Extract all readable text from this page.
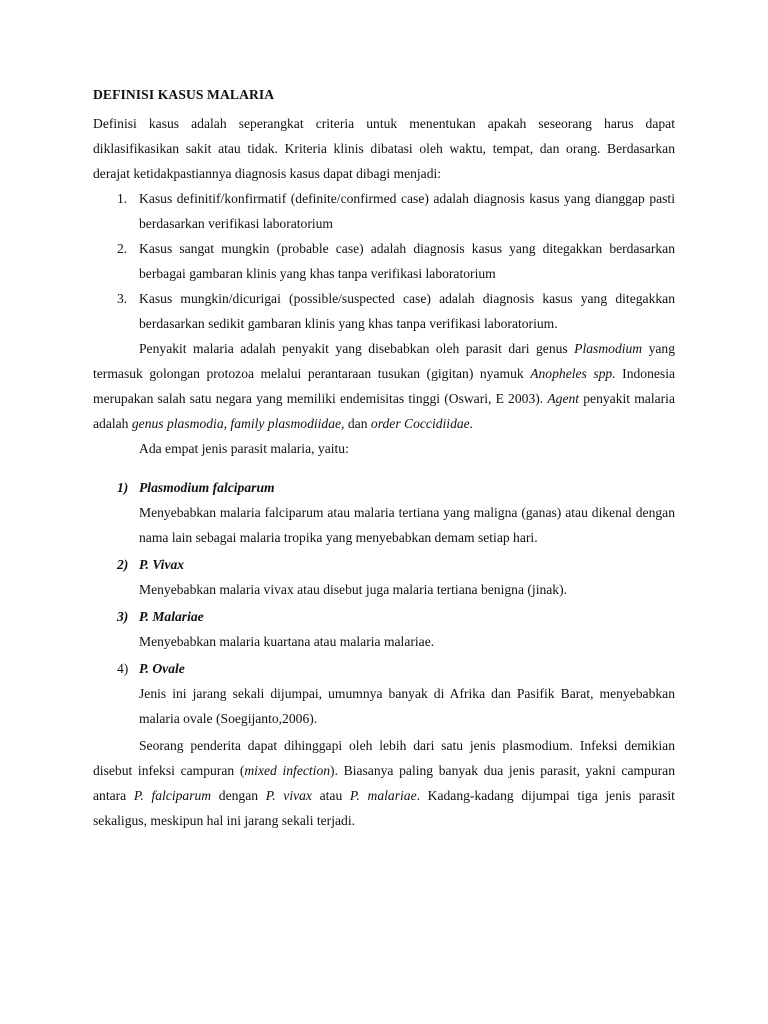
DEFINISI KASUS MALARIA

Definisi kasus adalah seperangkat criteria untuk menentukan apakah seseorang harus dapat diklasifikasikan sakit atau tidak. Kriteria klinis dibatasi oleh waktu, tempat, dan orang. Berdasarkan derajat ketidakpastiannya diagnosis kasus dapat dibagi menjadi:

1. Kasus definitif/konfirmatif (definite/confirmed case) adalah diagnosis kasus yang dianggap pasti berdasarkan verifikasi laboratorium
2. Kasus sangat mungkin (probable case) adalah diagnosis kasus yang ditegakkan berdasarkan berbagai gambaran klinis yang khas tanpa verifikasi laboratorium
3. Kasus mungkin/dicurigai (possible/suspected case) adalah diagnosis kasus yang ditegakkan berdasarkan sedikit gambaran klinis yang khas tanpa verifikasi laboratorium.

Penyakit malaria adalah penyakit yang disebabkan oleh parasit dari genus Plasmodium yang termasuk golongan protozoa melalui perantaraan tusukan (gigitan) nyamuk Anopheles spp. Indonesia merupakan salah satu negara yang memiliki endemisitas tinggi (Oswari, E 2003). Agent penyakit malaria adalah genus plasmodia, family plasmodiidae, dan order Coccidiidae.

Ada empat jenis parasit malaria, yaitu:

1) Plasmodium falciparum
Menyebabkan malaria falciparum atau malaria tertiana yang maligna (ganas) atau dikenal dengan nama lain sebagai malaria tropika yang menyebabkan demam setiap hari.
2) P. Vivax
Menyebabkan malaria vivax atau disebut juga malaria tertiana benigna (jinak).
3) P. Malariae
Menyebabkan malaria kuartana atau malaria malariae.
4) P. Ovale
Jenis ini jarang sekali dijumpai, umumnya banyak di Afrika dan Pasifik Barat, menyebabkan malaria ovale (Soegijanto,2006).

Seorang penderita dapat dihinggapi oleh lebih dari satu jenis plasmodium. Infeksi demikian disebut infeksi campuran (mixed infection). Biasanya paling banyak dua jenis parasit, yakni campuran antara P. falciparum dengan P. vivax atau P. malariae. Kadang-kadang dijumpai tiga jenis parasit sekaligus, meskipun hal ini jarang sekali terjadi.
